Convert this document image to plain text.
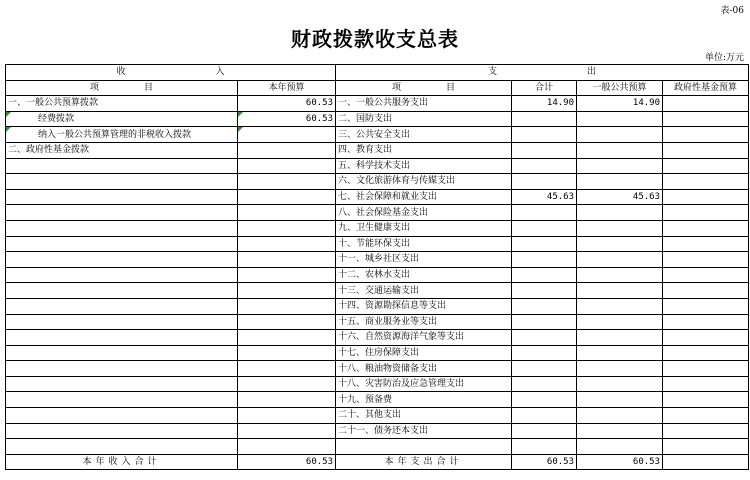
表-06
财政拨款收支总表
单位:万元
收　　　　　　　　　　入		支　　　　　　　　　　出			
项　　　　　目	本年预算	项　　　　　目	合计	一般公共预算	政府性基金预算
一、一般公共预算拨款	60.53	一、一般公共服务支出	14.90	14.90	
经费拨款	60.53	二、国防支出			
纳入一般公共预算管理的非税收入拨款		三、公共安全支出			
二、政府性基金拨款		四、教育支出			
		五、科学技术支出			
		六、文化旅游体育与传媒支出			
		七、社会保障和就业支出	45.63	45.63	
		八、社会保险基金支出			
		九、卫生健康支出			
		十、节能环保支出			
		十一、城乡社区支出			
		十二、农林水支出			
		十三、交通运输支出			
		十四、资源勘探信息等支出			
		十五、商业服务业等支出			
		十六、自然资源海洋气象等支出			
		十七、住房保障支出			
		十八、粮油物资储备支出			
		十八、灾害防治及应急管理支出			
		十九、预备费			
		二十、其他支出			
		二十一、债务还本支出			

本年收入合计	60.53	本年支出合计	60.53	60.53	
